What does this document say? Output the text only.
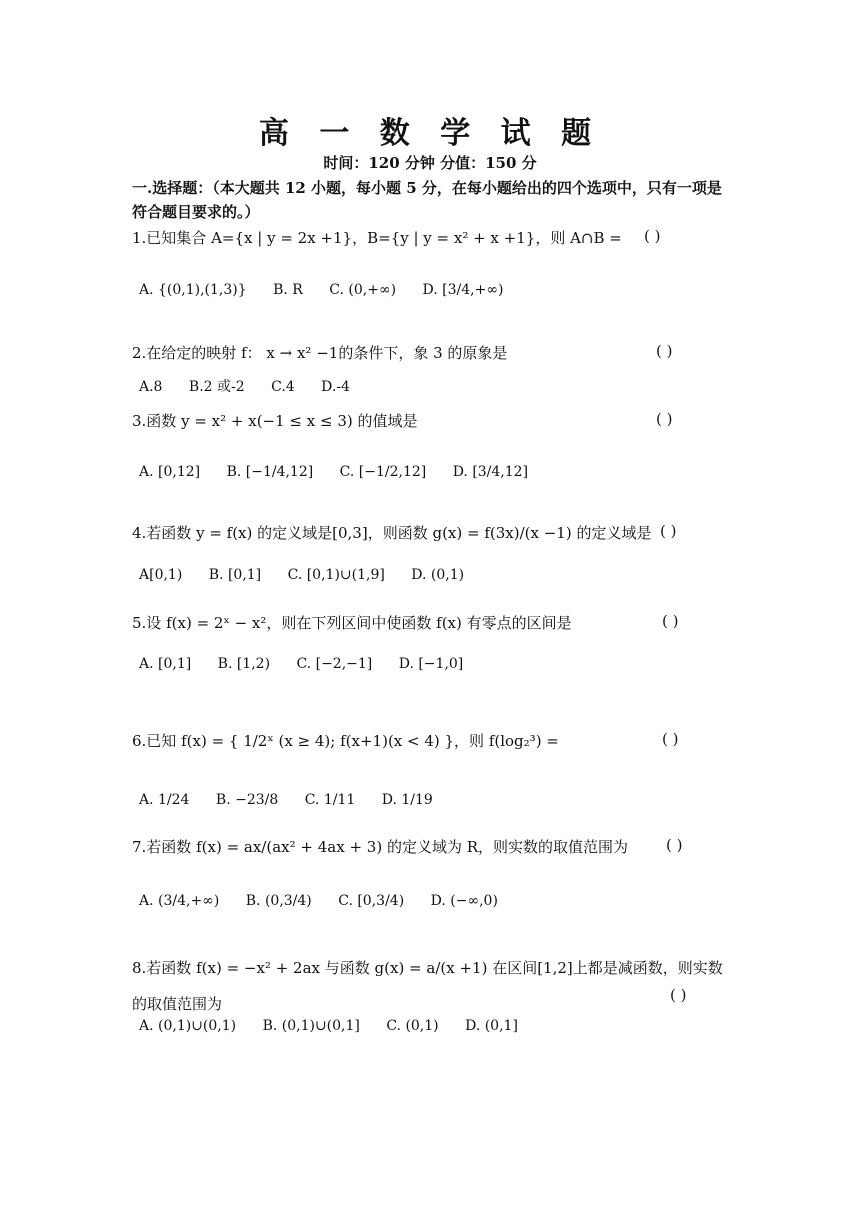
高 一 数 学 试 题
时间：120 分钟 分值：150 分
一.选择题：（本大题共 12 小题，每小题 5 分，在每小题给出的四个选项中，只有一项是符合题目要求的。）
1.已知集合 A={x | y = 2x +1}，B={y | y = x² + x +1}，则 A∩B = ( )
A. {(0,1),(1,3)} B. R C. (0,+∞) D. [3/4,+∞)
2.在给定的映射 f： x → x² −1的条件下，象 3 的原象是	( )
A.8 B.2 或-2 C.4 D.-4
3.函数 y = x² + x(−1 ≤ x ≤ 3) 的值域是	( )
A. [0,12] B. [−1/4,12] C. [−1/2,12] D. [3/4,12]
4.若函数 y = f(x) 的定义域是[0,3]，则函数 g(x) = f(3x)/(x −1) 的定义域是 ( )
A[0,1) B. [0,1] C. [0,1)∪(1,9] D. (0,1)
5.设 f(x) = 2ˣ − x²，则在下列区间中使函数 f(x) 有零点的区间是	( )
A. [0,1] B. [1,2) C. [−2,−1] D. [−1,0]
6.已知 f(x) = { 1/2ˣ (x ≥ 4); f(x+1)(x < 4) }，则 f(log₂³) =	( )
A. 1/24 B. −23/8 C. 1/11 D. 1/19
7.若函数 f(x) = ax/(ax² + 4ax + 3) 的定义域为 R，则实数的取值范围为	( )
A. (3/4,+∞) B. (0,3/4) C. [0,3/4) D. (−∞,0)
8.若函数 f(x) = −x² + 2ax 与函数 g(x) = a/(x +1) 在区间[1,2]上都是减函数，则实数的取值范围为	( )
A. (0,1)∪(0,1) B. (0,1)∪(0,1] C. (0,1) D. (0,1]
